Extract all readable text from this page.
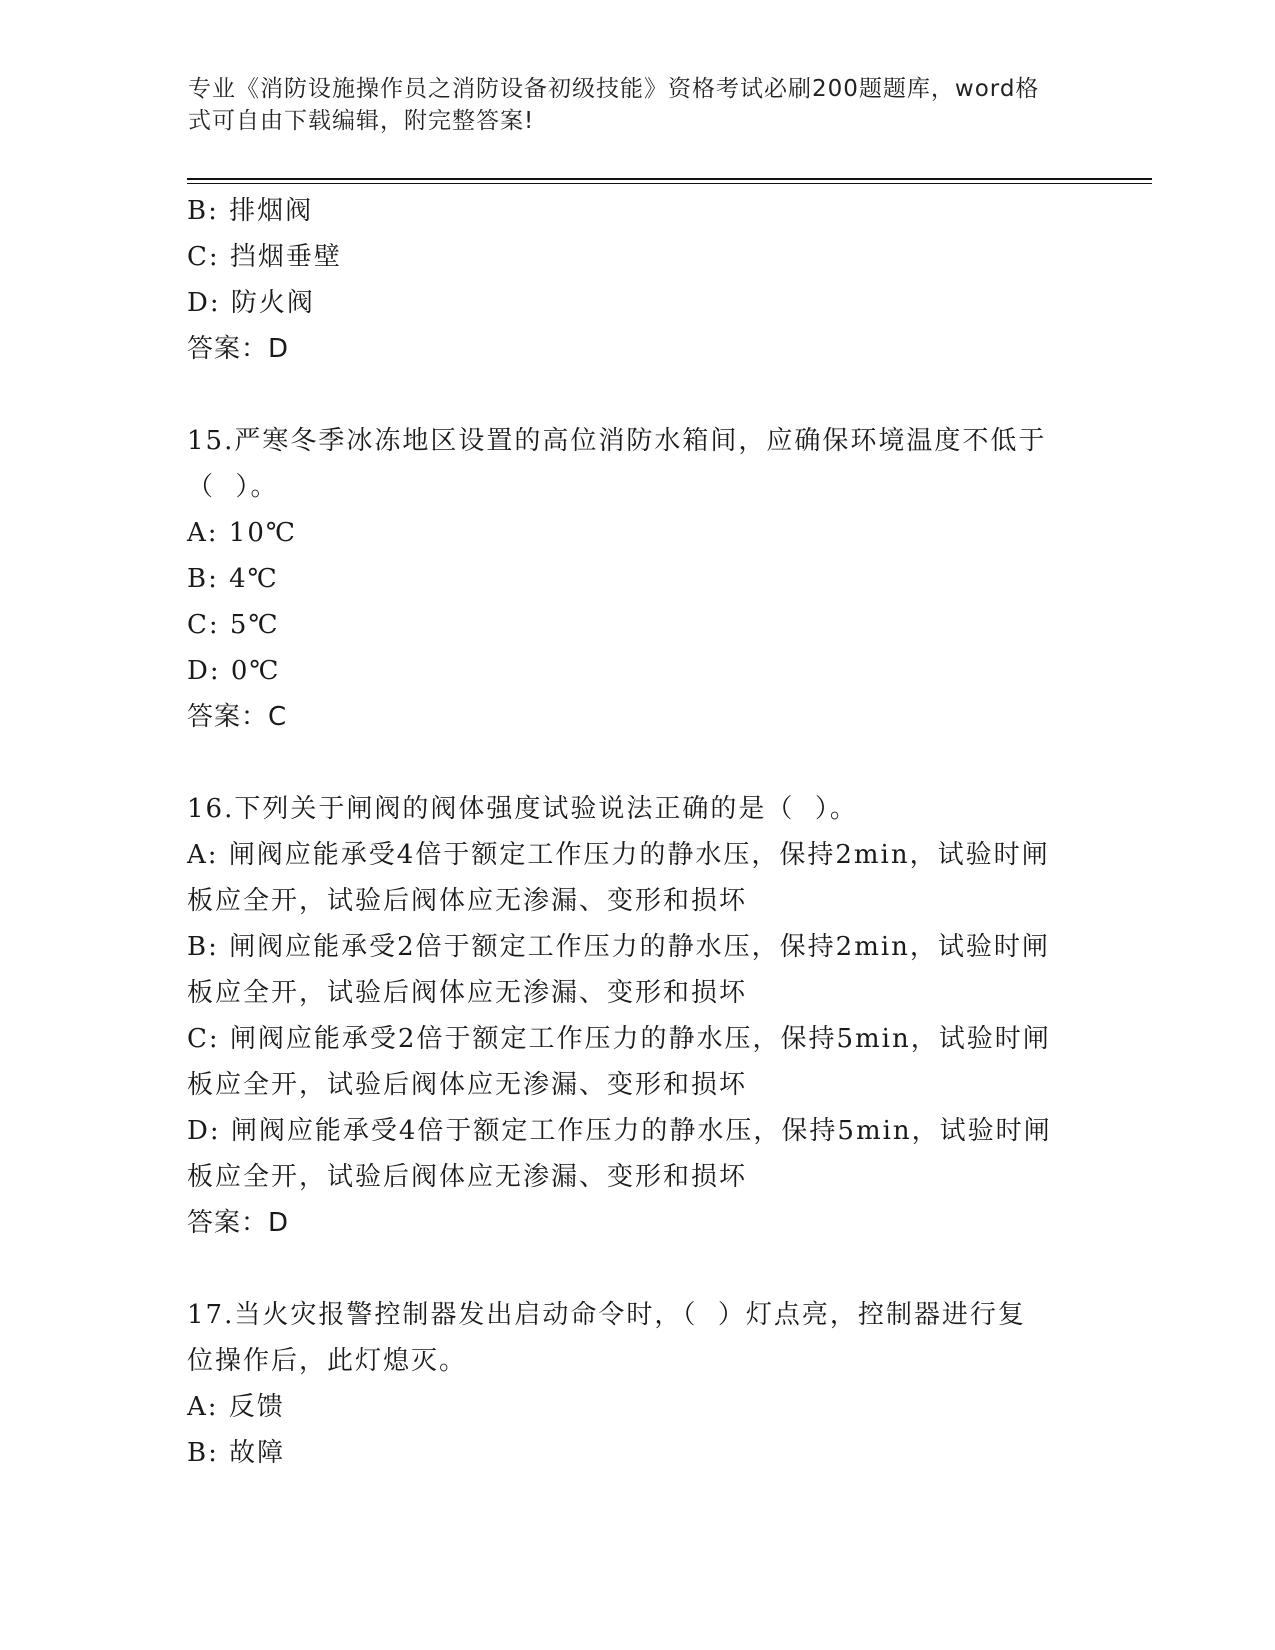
专业《消防设施操作员之消防设备初级技能》资格考试必刷200题题库，word格
式可自由下载编辑，附完整答案!
B: 排烟阀
C: 挡烟垂壁
D: 防火阀
答案：D
15.严寒冬季冰冻地区设置的高位消防水箱间，应确保环境温度不低于
（  ）。
A: 10℃
B: 4℃
C: 5℃
D: 0℃
答案：C
16.下列关于闸阀的阀体强度试验说法正确的是（  ）。
A: 闸阀应能承受4倍于额定工作压力的静水压，保持2min，试验时闸
板应全开，试验后阀体应无渗漏、变形和损坏
B: 闸阀应能承受2倍于额定工作压力的静水压，保持2min，试验时闸
板应全开，试验后阀体应无渗漏、变形和损坏
C: 闸阀应能承受2倍于额定工作压力的静水压，保持5min，试验时闸
板应全开，试验后阀体应无渗漏、变形和损坏
D: 闸阀应能承受4倍于额定工作压力的静水压，保持5min，试验时闸
板应全开，试验后阀体应无渗漏、变形和损坏
答案：D
17.当火灾报警控制器发出启动命令时，（  ）灯点亮，控制器进行复
位操作后，此灯熄灭。
A: 反馈
B: 故障
